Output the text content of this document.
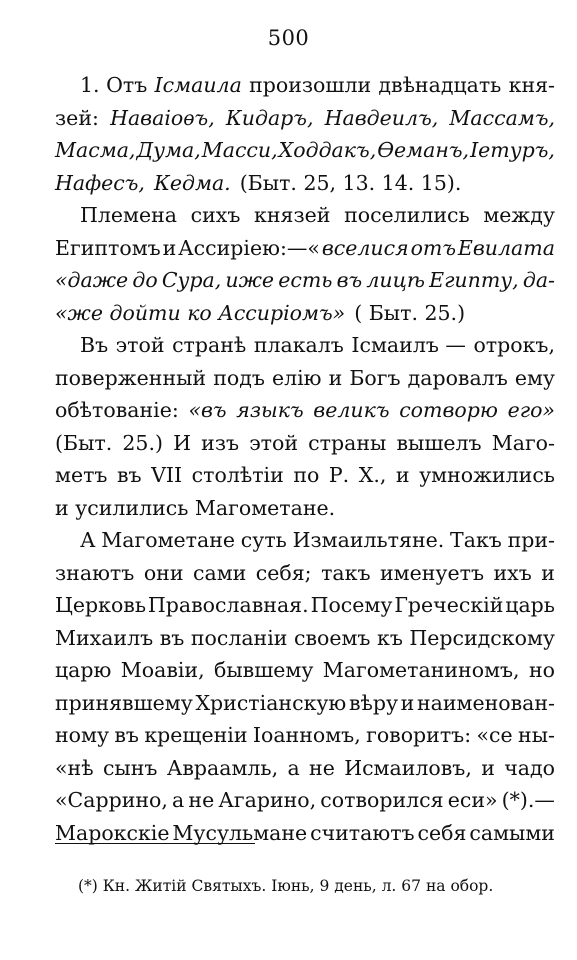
500
1. Отъ Ісмаила произошли двѣнадцать кня-
зей: Наваіоѳъ, Кидаръ, Навдеилъ, Массамъ,
Масма, Дума, Масси, Ходдакъ, Ѳеманъ, Іетуръ,
Нафесъ, Кедма. (Быт. 25, 13. 14. 15).
Племена сихъ князей поселились между
Египтомъ и Ассиріею:—« вселися отъ Евилата
«даже до Сура, иже есть въ лицѣ Египту, да-
«же дойти ко Ассиріомъ» ( Быт. 25.)
Въ этой странѣ плакалъ Ісмаилъ — отрокъ,
поверженный подъ елію и Богъ даровалъ ему
обѣтованіе: «въ языкъ великъ сотворю его»
(Быт. 25.) И изъ этой страны вышелъ Маго-
метъ въ VII столѣтіи по Р. Х., и умножились
и усилились Магометане.
А Магометане суть Измаильтяне. Такъ при-
знаютъ они сами себя; такъ именуетъ ихъ и
Церковь Православная. Посему Греческій царь
Михаилъ въ посланіи своемъ къ Персидскому
царю Моавіи, бывшему Магометаниномъ, но
принявшему Христіанскую вѣру и наименован-
ному въ крещеніи Іоанномъ, говоритъ: «се ны-
«нѣ сынъ Авраамль, а не Исмаиловъ, и чадо
«Саррино, а не Агарино, сотворился еси» (*).—
Марокскіе Мусульмане считаютъ себя самыми
(*) Кн. Житій Святыхъ. Іюнь, 9 день, л. 67 на обор.
